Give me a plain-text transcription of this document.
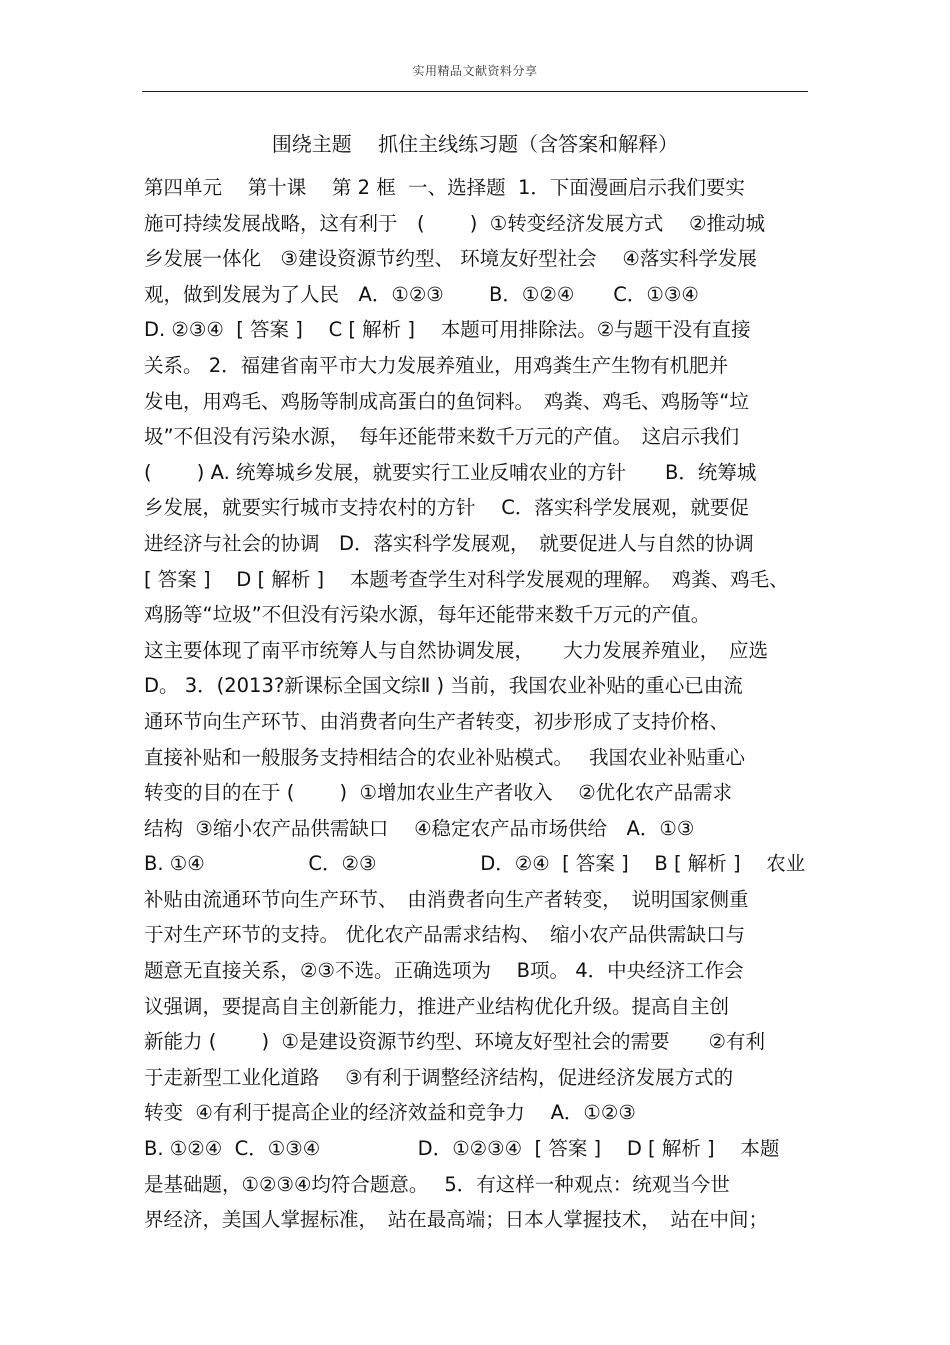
实用精品文献资料分享
围绕主题　 抓住主线练习题（含答案和解释）
第四单元　 第十课　 第 2 框  一、选择题  1．下面漫画启示我们要实
施可持续发展战略，这有利于　(　　 )  ①转变经济发展方式　 ②推动城
乡发展一体化　③建设资源节约型、 环境友好型社会　 ④落实科学发展
观，做到发展为了人民　A．①②③　　 B．①②④　　C．①③④
D. ②③④  [ 答案 ]　 C [ 解析 ]　 本题可用排除法。②与题干没有直接
关系。 2．福建省南平市大力发展养殖业，用鸡粪生产生物有机肥并
发电，用鸡毛、鸡肠等制成高蛋白的鱼饲料。　鸡粪、鸡毛、鸡肠等“垃
圾”不但没有污染水源，　每年还能带来数千万元的产值。　这启示我们
(　　 ) A. 统筹城乡发展，就要实行工业反哺农业的方针　　B．统筹城
乡发展，就要实行城市支持农村的方针　 C．落实科学发展观，就要促
进经济与社会的协调　D．落实科学发展观，　就要促进人与自然的协调
[ 答案 ]　 D [ 解析 ]　 本题考查学生对科学发展观的理解。　鸡粪、鸡毛、
鸡肠等“垃圾”不但没有污染水源，每年还能带来数千万元的产值。
这主要体现了南平市统筹人与自然协调发展，　　大力发展养殖业，　应选
D。 3．(2013?新课标全国文综Ⅱ ) 当前，我国农业补贴的重心已由流
通环节向生产环节、由消费者向生产者转变，初步形成了支持价格、
直接补贴和一般服务支持相结合的农业补贴模式。　 我国农业补贴重心
转变的目的在于 (　　 )  ①增加农业生产者收入　 ②优化农产品需求
结构  ③缩小农产品供需缺口　 ④稳定农产品市场供给　A．①③
B. ①④　　　　　 C．②③　　　　　 D．②④  [ 答案 ]　 B [ 解析 ]　 农业
补贴由流通环节向生产环节、　由消费者向生产者转变，　说明国家侧重
于对生产环节的支持。 优化农产品需求结构、　缩小农产品供需缺口与
题意无直接关系，②③不选。正确选项为　 B项。 4．中央经济工作会
议强调，要提高自主创新能力，推进产业结构优化升级。提高自主创
新能力 (　　 )  ①是建设资源节约型、环境友好型社会的需要　　②有利
于走新型工业化道路　 ③有利于调整经济结构，促进经济发展方式的
转变  ④有利于提高企业的经济效益和竞争力　 A．①②③
B. ①②④  C．①③④　　　　　D．①②③④  [ 答案 ]　 D [ 解析 ]　 本题
是基础题，①②③④均符合题意。　 5．有这样一种观点：统观当今世
界经济，美国人掌握标准，　站在最高端；日本人掌握技术，　站在中间；
